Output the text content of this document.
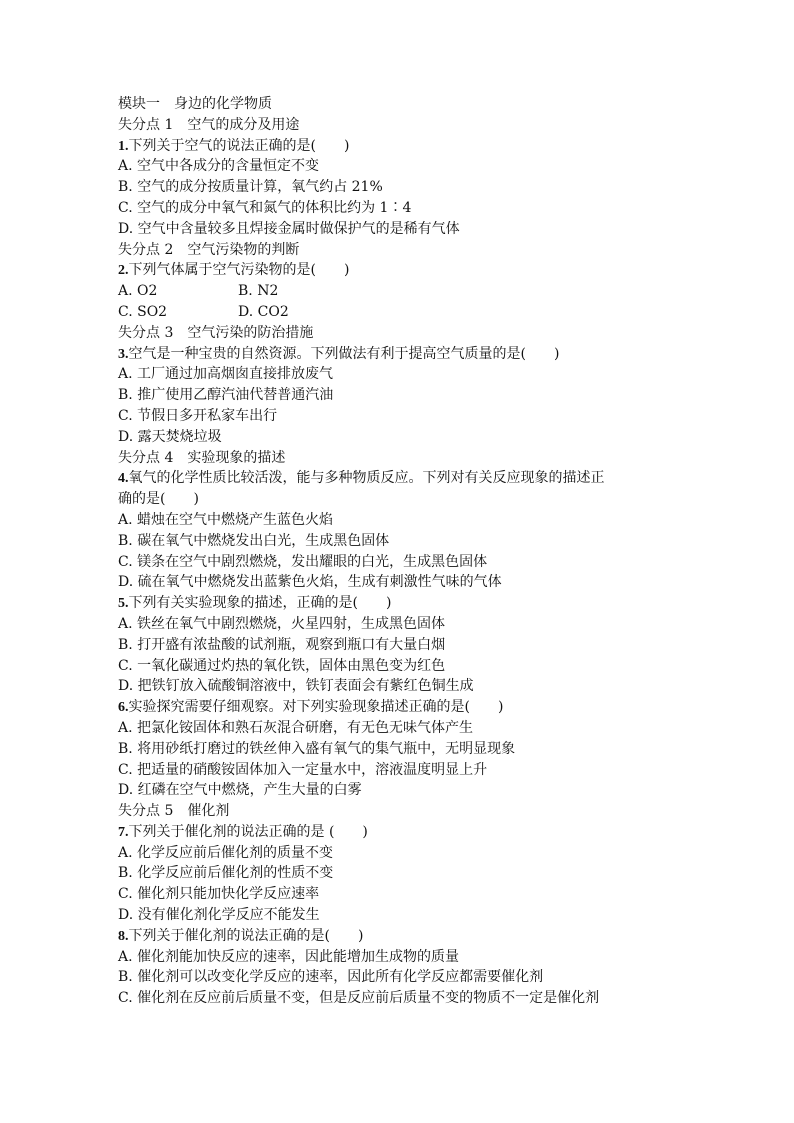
模块一　身边的化学物质
失分点 1　空气的成分及用途
1.下列关于空气的说法正确的是(　　)
A. 空气中各成分的含量恒定不变
B. 空气的成分按质量计算，氧气约占 21%
C. 空气的成分中氧气和氮气的体积比约为 1∶4
D. 空气中含量较多且焊接金属时做保护气的是稀有气体
失分点 2　空气污染物的判断
2.下列气体属于空气污染物的是(　　)
A. O2	B. N2
C. SO2	D. CO2
失分点 3　空气污染的防治措施
3.空气是一种宝贵的自然资源。下列做法有利于提高空气质量的是(　　)
A. 工厂通过加高烟囱直接排放废气
B. 推广使用乙醇汽油代替普通汽油
C. 节假日多开私家车出行
D. 露天焚烧垃圾
失分点 4　实验现象的描述
4.氧气的化学性质比较活泼，能与多种物质反应。下列对有关反应现象的描述正
确的是(　　)
A. 蜡烛在空气中燃烧产生蓝色火焰
B. 碳在氧气中燃烧发出白光，生成黑色固体
C. 镁条在空气中剧烈燃烧，发出耀眼的白光，生成黑色固体
D. 硫在氧气中燃烧发出蓝紫色火焰，生成有刺激性气味的气体
5.下列有关实验现象的描述，正确的是(　　)
A. 铁丝在氧气中剧烈燃烧，火星四射，生成黑色固体
B. 打开盛有浓盐酸的试剂瓶，观察到瓶口有大量白烟
C. 一氧化碳通过灼热的氧化铁，固体由黑色变为红色
D. 把铁钉放入硫酸铜溶液中，铁钉表面会有紫红色铜生成
6.实验探究需要仔细观察。对下列实验现象描述正确的是(　　)
A. 把氯化铵固体和熟石灰混合研磨，有无色无味气体产生
B. 将用砂纸打磨过的铁丝伸入盛有氧气的集气瓶中，无明显现象
C. 把适量的硝酸铵固体加入一定量水中，溶液温度明显上升
D. 红磷在空气中燃烧，产生大量的白雾
失分点 5　催化剂
7.下列关于催化剂的说法正确的是 (　　)
A. 化学反应前后催化剂的质量不变
B. 化学反应前后催化剂的性质不变
C. 催化剂只能加快化学反应速率
D. 没有催化剂化学反应不能发生
8.下列关于催化剂的说法正确的是(　　)
A. 催化剂能加快反应的速率，因此能增加生成物的质量
B. 催化剂可以改变化学反应的速率，因此所有化学反应都需要催化剂
C. 催化剂在反应前后质量不变，但是反应前后质量不变的物质不一定是催化剂
